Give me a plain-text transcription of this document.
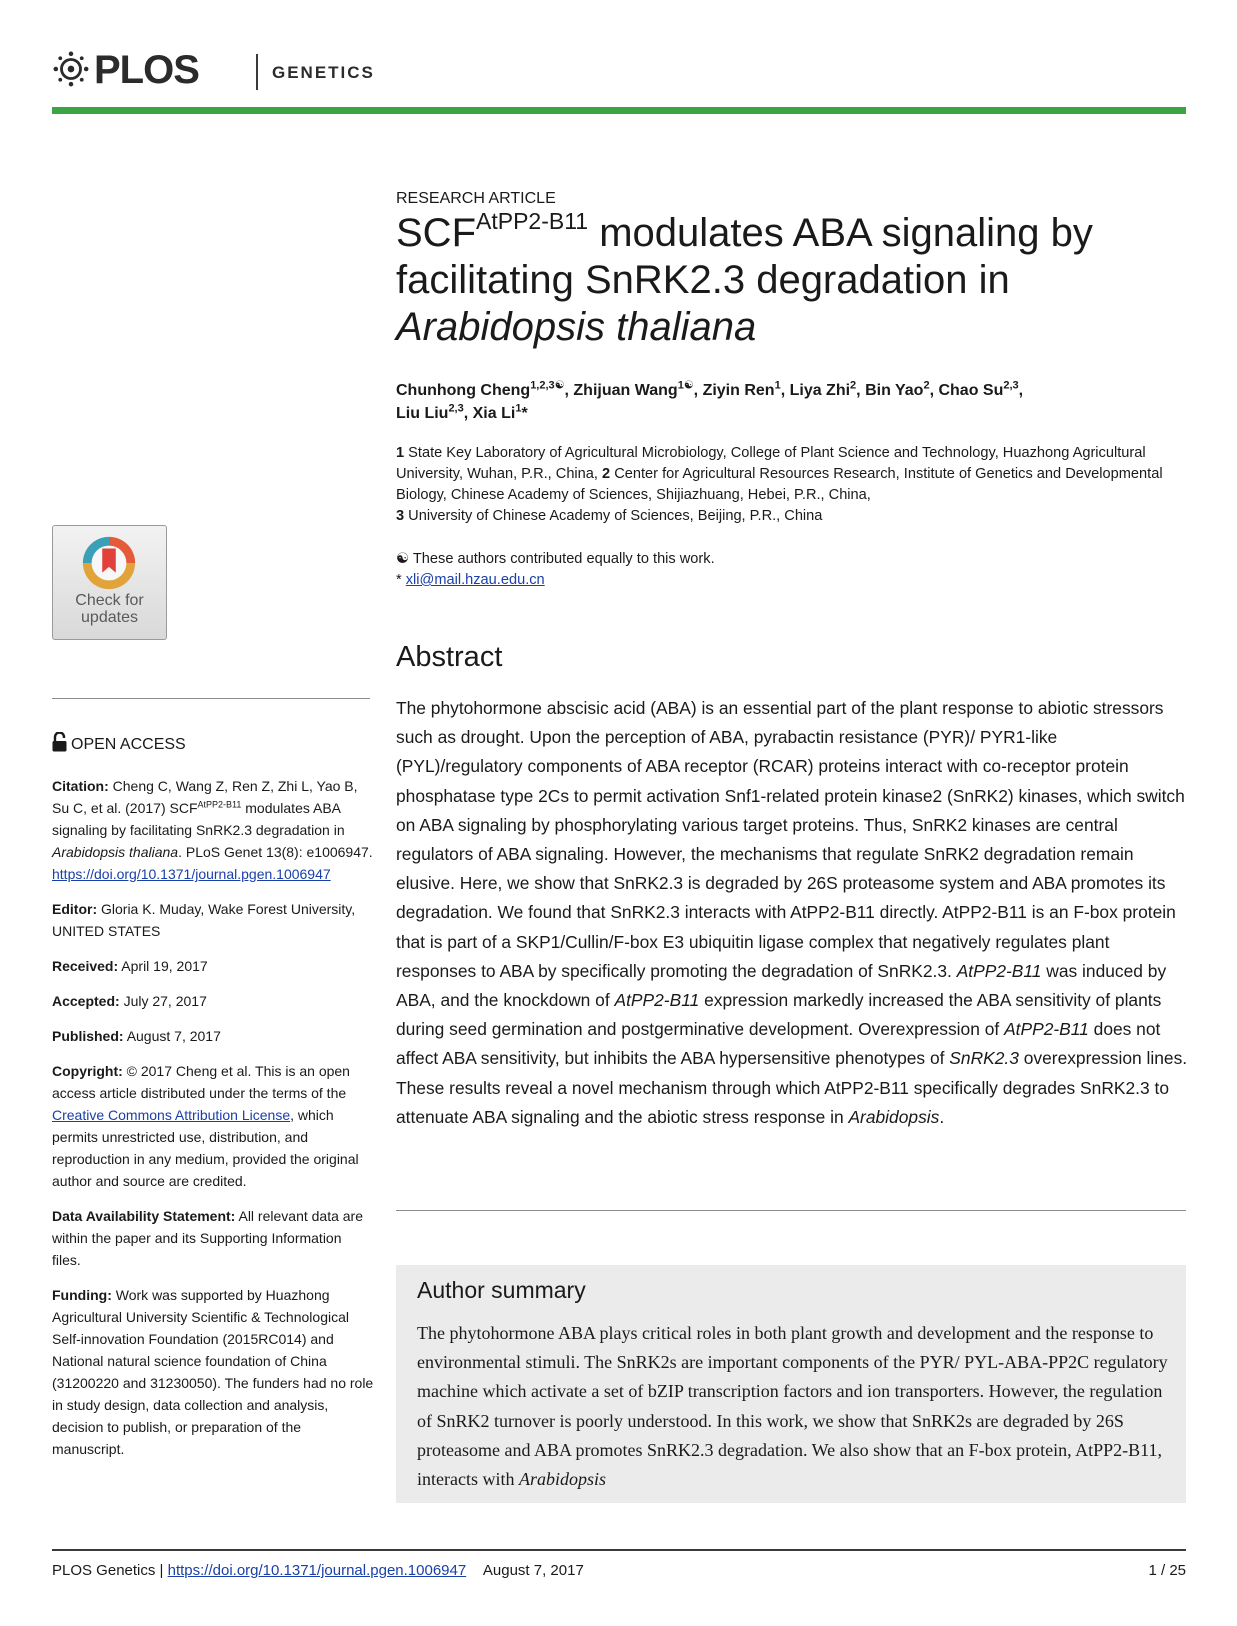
PLOS	GENETICS
Check for updates
OPEN ACCESS

Citation: Cheng C, Wang Z, Ren Z, Zhi L, Yao B, Su C, et al. (2017) $SCF^{AtPP2-B11}$ modulates ABA signaling by facilitating SnRK2.3 degradation in Arabidopsis thaliana. PLoS Genet 13(8): e1006947. https://doi.org/10.1371/journal.pgen.1006947

Editor: Gloria K. Muday, Wake Forest University, UNITED STATES

Received: April 19, 2017

Accepted: July 27, 2017

Published: August 7, 2017

Copyright: © 2017 Cheng et al. This is an open access article distributed under the terms of the Creative Commons Attribution License, which permits unrestricted use, distribution, and reproduction in any medium, provided the original author and source are credited.

Data Availability Statement: All relevant data are within the paper and its Supporting Information files.

Funding: Work was supported by Huazhong Agricultural University Scientific & Technological Self-innovation Foundation (2015RC014) and National natural science foundation of China (31200220 and 31230050). The funders had no role in study design, data collection and analysis, decision to publish, or preparation of the manuscript.

RESEARCH ARTICLE
$SCF^{AtPP2-B11}$ modulates ABA signaling by facilitating SnRK2.3 degradation in Arabidopsis thaliana
Chunhong Cheng$^{1,2,3☯}$, Zhijuan Wang$^{1☯}$, Ziyin Ren$^1$, Liya Zhi$^2$, Bin Yao$^2$, Chao Su$^{2,3}$,
Liu Liu$^{2,3}$, Xia Li$^1$*
1 State Key Laboratory of Agricultural Microbiology, College of Plant Science and Technology, Huazhong Agricultural University, Wuhan, P.R., China, 2 Center for Agricultural Resources Research, Institute of Genetics and Developmental Biology, Chinese Academy of Sciences, Shijiazhuang, Hebei, P.R., China,
3 University of Chinese Academy of Sciences, Beijing, P.R., China
☯ These authors contributed equally to this work.
* xli@mail.hzau.edu.cn
Abstract

The phytohormone abscisic acid (ABA) is an essential part of the plant response to abiotic stressors such as drought. Upon the perception of ABA, pyrabactin resistance (PYR)/ PYR1-like (PYL)/regulatory components of ABA receptor (RCAR) proteins interact with co-receptor protein phosphatase type 2Cs to permit activation Snf1-related protein kinase2 (SnRK2) kinases, which switch on ABA signaling by phosphorylating various target proteins. Thus, SnRK2 kinases are central regulators of ABA signaling. However, the mechanisms that regulate SnRK2 degradation remain elusive. Here, we show that SnRK2.3 is degraded by 26S proteasome system and ABA promotes its degradation. We found that SnRK2.3 interacts with AtPP2-B11 directly. AtPP2-B11 is an F-box protein that is part of a SKP1/Cullin/F-box E3 ubiquitin ligase complex that negatively regulates plant responses to ABA by specifically promoting the degradation of SnRK2.3. AtPP2-B11 was induced by ABA, and the knockdown of AtPP2-B11 expression markedly increased the ABA sensitivity of plants during seed germination and postgerminative development. Overexpression of AtPP2-B11 does not affect ABA sensitivity, but inhibits the ABA hypersensitive phenotypes of SnRK2.3 overexpression lines. These results reveal a novel mechanism through which AtPP2-B11 specifically degrades SnRK2.3 to attenuate ABA signaling and the abiotic stress response in Arabidopsis.

Author summary

The phytohormone ABA plays critical roles in both plant growth and development and the response to environmental stimuli. The SnRK2s are important components of the PYR/ PYL-ABA-PP2C regulatory machine which activate a set of bZIP transcription factors and ion transporters. However, the regulation of SnRK2 turnover is poorly understood. In this work, we show that SnRK2s are degraded by 26S proteasome and ABA promotes SnRK2.3 degradation. We also show that an F-box protein, AtPP2-B11, interacts with Arabidopsis

PLOS Genetics | https://doi.org/10.1371/journal.pgen.1006947 August 7, 2017	1 / 25
